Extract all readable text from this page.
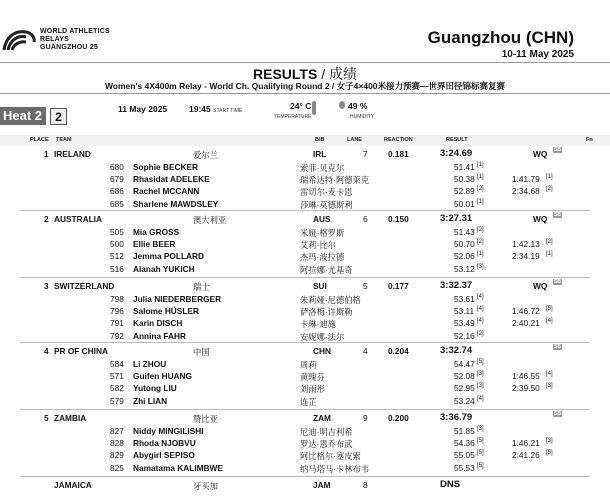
WORLD ATHLETICS
RELAYS
GUANGZHOU 25
Guangzhou (CHN)
10-11 May 2025
RESULTS / 成绩
Women's 4X400m Relay - World Ch. Qualifying Round 2 / 女子4×400米接力预赛—世界田径锦标赛复赛
Heat 2	2
11 May 2025	19:45 START TIME	24° C
TEMPERATURE
49 %
HUMIDITY
PLACE TEAM	BIB	LANE	REACTION	RESULT	Fn
1 IRELAND	爱尔兰	IRL	7 0.181	3:24.69	WQ SB
680 Sophie BECKER	索菲·贝克尔	51.41 [1]
679 Rhasidat ADELEKE	瑞希达特·阿德莱克	50.38 [1]	1:41.79 [1]
686 Rachel MCCANN	雷切尔·麦卡恩	52.89 [2]	2:34.68 [2]
685 Sharlene MAWDSLEY	莎琳·莫德斯利	50.01 [1]
2 AUSTRALIA	澳大利亚	AUS	6 0.150	3:27.31	WQ SB
505 Mia GROSS	米娅·格罗斯	51.43 [2]
500 Ellie BEER	艾莉·比尔	50.70 [2]	1:42.13 [2]
512 Jemma POLLARD	杰玛·波拉德	52.06 [1]	2:34.19 [1]
516 Alanah YUKICH	阿拉娜·尤基奇	53.12 [3]
3 SWITZERLAND	瑞士	SUI	5 0.177	3:32.37	WQ SB
798 Julia NIEDERBERGER	朱莉娅·尼德伯格	53.61 [4]
796 Salome HÜSLER	萨洛梅·许斯勒	53.11 [4]	1:46.72 [5]
791 Karin DISCH	卡琳·迪施	53.49 [4]	2:40.21 [4]
792 Annina FAHR	安妮娜·法尔	52.16 [2]
4 PR OF CHINA	中国	CHN	4 0.204	3:32.74	SB
584 Li ZHOU	周莉	54.47 [5]
571 Guifen HUANG	黄瑰芬	52.08 [3]	1:46.55 [4]
582 Yutong LIU	刘雨彤	52.95 [3]	2:39.50 [3]
579 Zhi LIAN	连芷	53.24 [4]
5 ZAMBIA	赞比亚	ZAM	9 0.200	3:36.79	SB
827 Niddy MINGILISHI	尼迪·明吉利希	51.85 [3]
828 Rhoda NJOBVU	罗达·恩乔布武	54.36 [5]	1:46.21 [3]
829 Abygirl SEPISO	阿比格尔·塞皮索	55.05 [5]	2:41.26 [5]
825 Namatama KALIMBWE	纳马塔马·卡林布韦	55.53 [5]
JAMAICA	牙买加	JAM	8	DNS
